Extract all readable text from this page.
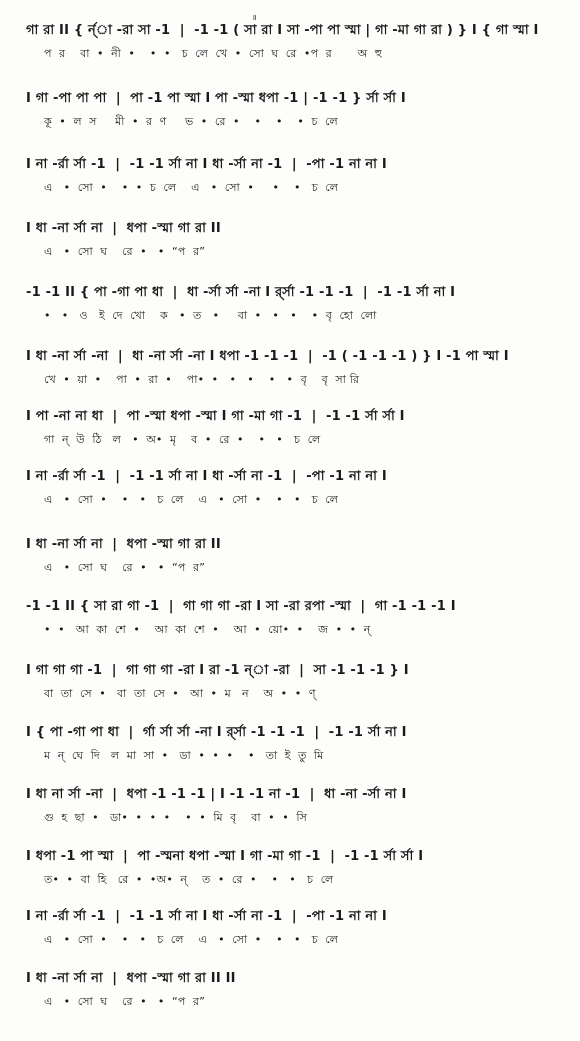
॥
গা রা II { র্ন্‌া -রা সা -1  |  -1 -1 ( সা রা I সা -পা পা স্মা | গা -মা গা রা ) } I { গা স্মা I
প  র    বা  •  নী  •    •  •   চ  লে  খে  •  সো  ঘ  রে  •প  র       অ  হু
I গা -পা পা পা  |  পা -1 পা স্মা I পা -স্মা ধপা -1 | -1 -1 } র্সা র্সা I
কূ  •  ল  স     মী  •  র  ণ     ভ  •  রে  •    •    •    •  চ  লে
I না -র্রা র্সা -1  |  -1 -1 র্সা না I ধা -র্সা না -1  |  -পা -1 না না I
এ   •  সো  •    •  •  চ  লে    এ   •  সো  •     •    •   চ  লে
I ধা -না র্সা না  |  ধপা -স্মা গা রা II
এ   •  সো  ঘ    রে  •   •  “প  র”
-1 -1 II { পা -গা পা ধা  |  ধা -র্সা র্সা -না I র্র্সা -1 -1 -1  |  -1 -1 র্সা না I
•   •   ও   ই  দে  খো    ক   •  ত   •     বা  •   •   •    •  বৃ  হো  লো
I ধা -না র্সা -না  |  ধা -না র্সা -না I ধপা -1 -1 -1  |  -1 ( -1 -1 -1 ) } I -1 পা স্মা I
খে  •  য়া  •    পা  •  রা  •    পা•  •   •   •    •   •  বৃ    বৃ  সা রি
I পা -না না ধা  |  পা -স্মা ধপা -স্মা I গা -মা গা -1  |  -1 -1 র্সা র্সা I
গা  ন্‌  উ  ঠি   ল   •  অ•  মৃ    ব  •  রে  •    •   •   চ  লে
I না -র্রা র্সা -1  |  -1 -1 র্সা না I ধা -র্সা না -1  |  -পা -1 না না I
এ   •  সো  •    •   •   চ  লে    এ   •  সো  •    •   •   চ  লে
I ধা -না র্সা না  |  ধপা -স্মা গা রা II
এ   •  সো  ঘ    রে  •   •  “প  র”
-1 -1 II { সা রা গা -1  |  গা গা গা -রা I সা -রা রপা -স্মা  |  গা -1 -1 -1 I
•  •   আ  কা  শে  •    আ  কা  শে  •    আ  •  য়ো•  •    জ  •  •  ন্‌
I গা গা গা -1  |  গা গা গা -রা I রা -1 ন্‌া -রা  |  সা -1 -1 -1 } I
বা  তা  সে  •   বা  তা  সে  •   আ  •  ম   ন    অ  •  •  ণ্‌
I { পা -গা পা ধা  |  র্গা র্সা র্সা -না I র্র্সা -1 -1 -1  |  -1 -1 র্সা না I
ম  ন্‌  ঘে  দি   ল  মা  সা  •   ডা  •  •  •    •   তা  ই  তু  মি
I ধা না র্সা -না  |  ধপা -1 -1 -1 | I -1 -1 না -1  |  ধা -না -র্সা না I
গু  হ  ছা  •   ডা•  •  •  •    •  •  মি  বৃ    বা  •  •  সি
I ধপা -1 পা স্মা  |  পা -স্মনা ধপা -স্মা I গা -মা গা -1  |  -1 -1 র্সা র্সা I
ত•  •  বা  হি   রে  •  •অ•  ন্‌    ত  •  রে  •    •   •   চ  লে
I না -র্রা র্সা -1  |  -1 -1 র্সা না I ধা -র্সা না -1  |  -পা -1 না না I
এ   •  সো  •    •   •   চ  লে    এ   •  সো  •    •   •   চ  লে
I ধা -না র্সা না  |  ধপা -স্মা গা রা II II
এ   •  সো  ঘ    রে  •   •  “প  র”
